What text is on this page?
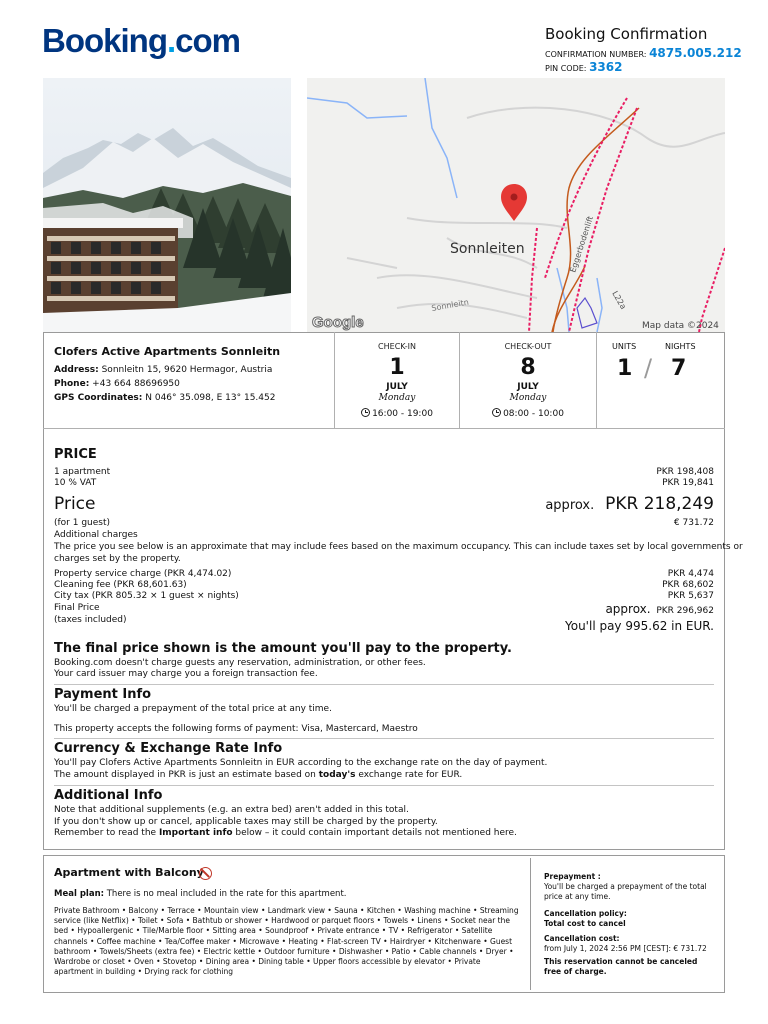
Booking.com	Booking Confirmation
CONFIRMATION NUMBER: 4875.005.212
PIN CODE: 3362
Sonnleiten	Eggerbodenlift
L22a
Sonnleitn
Google	Map data ©2024
Clofers Active Apartments Sonnleitn
Address: Sonnleitn 15, 9620 Hermagor, Austria
Phone: +43 664 88696950
GPS Coordinates: N 046° 35.098, E 13° 15.452
CHECK-IN
1
JULY
Monday
16:00 - 19:00
CHECK-OUT
8
JULY
Monday
08:00 - 10:00
UNITS	NIGHTS
1 / 7
PRICE
1 apartment	PKR 198,408
10 % VAT	PKR 19,841
Price	approx. PKR 218,249
(for 1 guest)	€ 731.72
Additional charges
The price you see below is an approximate that may include fees based on the maximum occupancy. This can include taxes set by local governments or
charges set by the property.
Property service charge (PKR 4,474.02)	PKR 4,474
Cleaning fee (PKR 68,601.63)	PKR 68,602
City tax (PKR 805.32 × 1 guest × nights)	PKR 5,637
Final Price	approx. PKR 296,962
(taxes included)	You'll pay 995.62 in EUR.
The final price shown is the amount you'll pay to the property.
Booking.com doesn't charge guests any reservation, administration, or other fees.
Your card issuer may charge you a foreign transaction fee.
Payment Info
You'll be charged a prepayment of the total price at any time.
This property accepts the following forms of payment: Visa, Mastercard, Maestro
Currency & Exchange Rate Info
You'll pay Clofers Active Apartments Sonnleitn in EUR according to the exchange rate on the day of payment.
The amount displayed in PKR is just an estimate based on today's exchange rate for EUR.
Additional Info
Note that additional supplements (e.g. an extra bed) aren't added in this total.
If you don't show up or cancel, applicable taxes may still be charged by the property.
Remember to read the Important info below – it could contain important details not mentioned here.
Apartment with Balcony
Meal plan: There is no meal included in the rate for this apartment.
Private Bathroom • Balcony • Terrace • Mountain view • Landmark view • Sauna • Kitchen • Washing machine • Streaming service (like Netflix) • Toilet • Sofa • Bathtub or shower • Hardwood or parquet floors • Towels • Linens • Socket near the bed • Hypoallergenic • Tile/Marble floor • Sitting area • Soundproof • Private entrance • TV • Refrigerator • Satellite channels • Coffee machine • Tea/Coffee maker • Microwave • Heating • Flat-screen TV • Hairdryer • Kitchenware • Guest bathroom • Towels/Sheets (extra fee) • Electric kettle • Outdoor furniture • Dishwasher • Patio • Cable channels • Dryer • Wardrobe or closet • Oven • Stovetop • Dining area • Dining table • Upper floors accessible by elevator • Private apartment in building • Drying rack for clothing
Prepayment :
You'll be charged a prepayment of the total price at any time.
Cancellation policy:
Total cost to cancel
Cancellation cost:
from July 1, 2024 2:56 PM [CEST]: € 731.72
This reservation cannot be canceled free of charge.
